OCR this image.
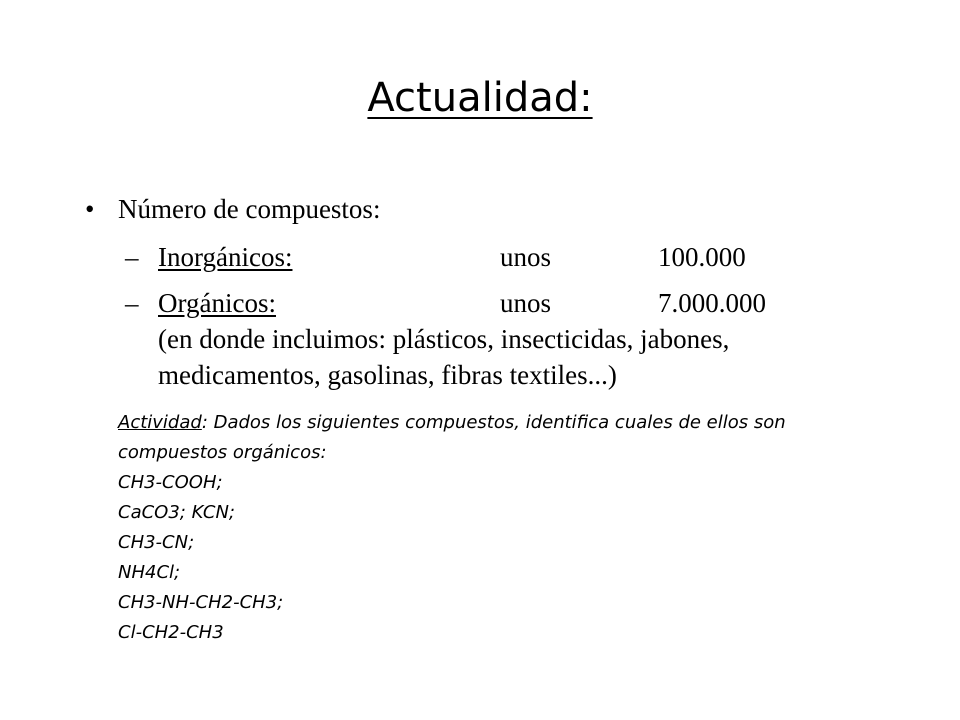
Actualidad:
• Número de compuestos:
– Inorgánicos:	unos	100.000
– Orgánicos:	unos	7.000.000
(en donde incluimos: plásticos, insecticidas, jabones,
medicamentos, gasolinas, fibras textiles...)
Actividad: Dados los siguientes compuestos, identifica cuales de ellos son
compuestos orgánicos:
CH3-COOH;
CaCO3; KCN;
CH3-CN;
NH4Cl;
CH3-NH-CH2-CH3;
Cl-CH2-CH3
